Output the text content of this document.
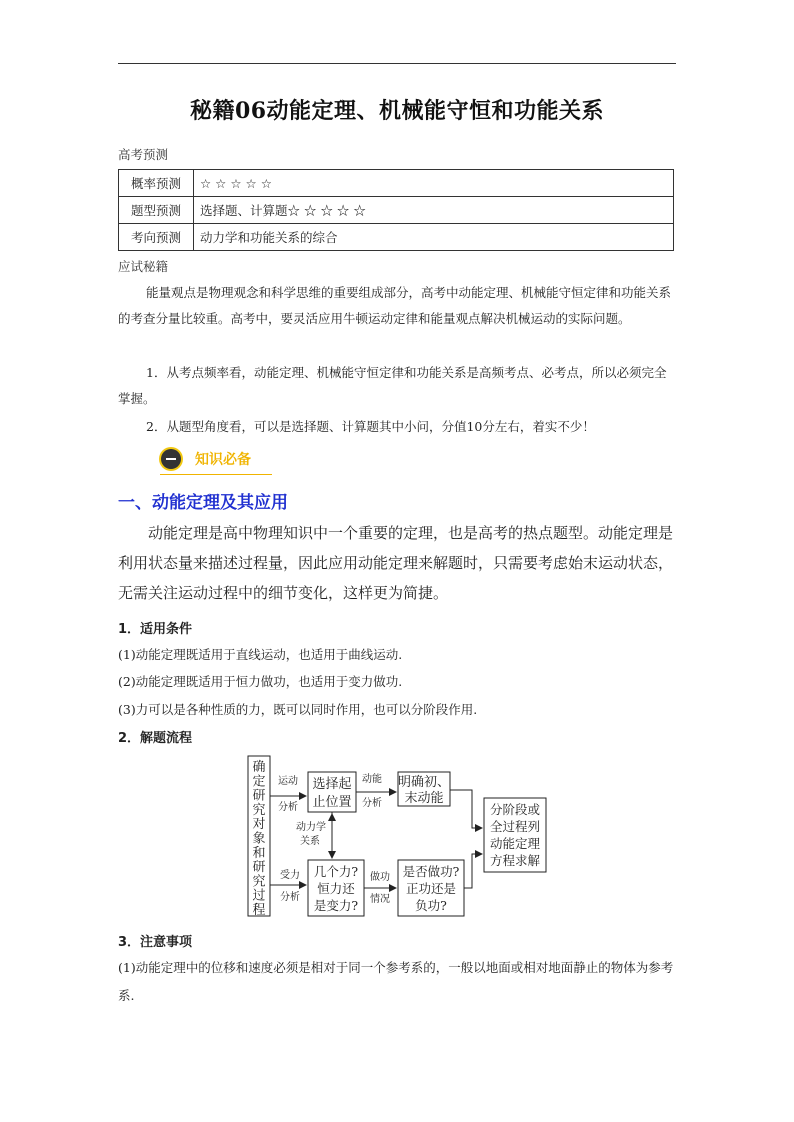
秘籍06动能定理、机械能守恒和功能关系
高考预测
概率预测	☆ ☆ ☆ ☆ ☆
题型预测	选择题、计算题☆ ☆ ☆ ☆ ☆
考向预测	动力学和功能关系的综合
应试秘籍
能量观点是物理观念和科学思维的重要组成部分，高考中动能定理、机械能守恒定律和功能关系的考查分量比较重。高考中，要灵活应用牛顿运动定律和能量观点解决机械运动的实际问题。
1．从考点频率看，动能定理、机械能守恒定律和功能关系是高频考点、必考点，所以必须完全掌握。
2．从题型角度看，可以是选择题、计算题其中小问，分值10分左右，着实不少！
知识必备
一、动能定理及其应用
动能定理是高中物理知识中一个重要的定理，也是高考的热点题型。动能定理是利用状态量来描述过程量，因此应用动能定理来解题时，只需要考虑始末运动状态，无需关注运动过程中的细节变化，这样更为简捷。
1．适用条件
(1)动能定理既适用于直线运动，也适用于曲线运动.
(2)动能定理既适用于恒力做功，也适用于变力做功.
(3)力可以是各种性质的力，既可以同时作用，也可以分阶段作用.
2．解题流程
确定研究对象和研究过程
运动
分析
选择起
止位置
动能
分析
明确初、
末动能
动力学
关系
受力
分析
几个力?
恒力还
是变力?
做功
情况
是否做功?
正功还是
负功?
分阶段或
全过程列
动能定理
方程求解
3．注意事项
(1)动能定理中的位移和速度必须是相对于同一个参考系的，一般以地面或相对地面静止的物体为参考系.
